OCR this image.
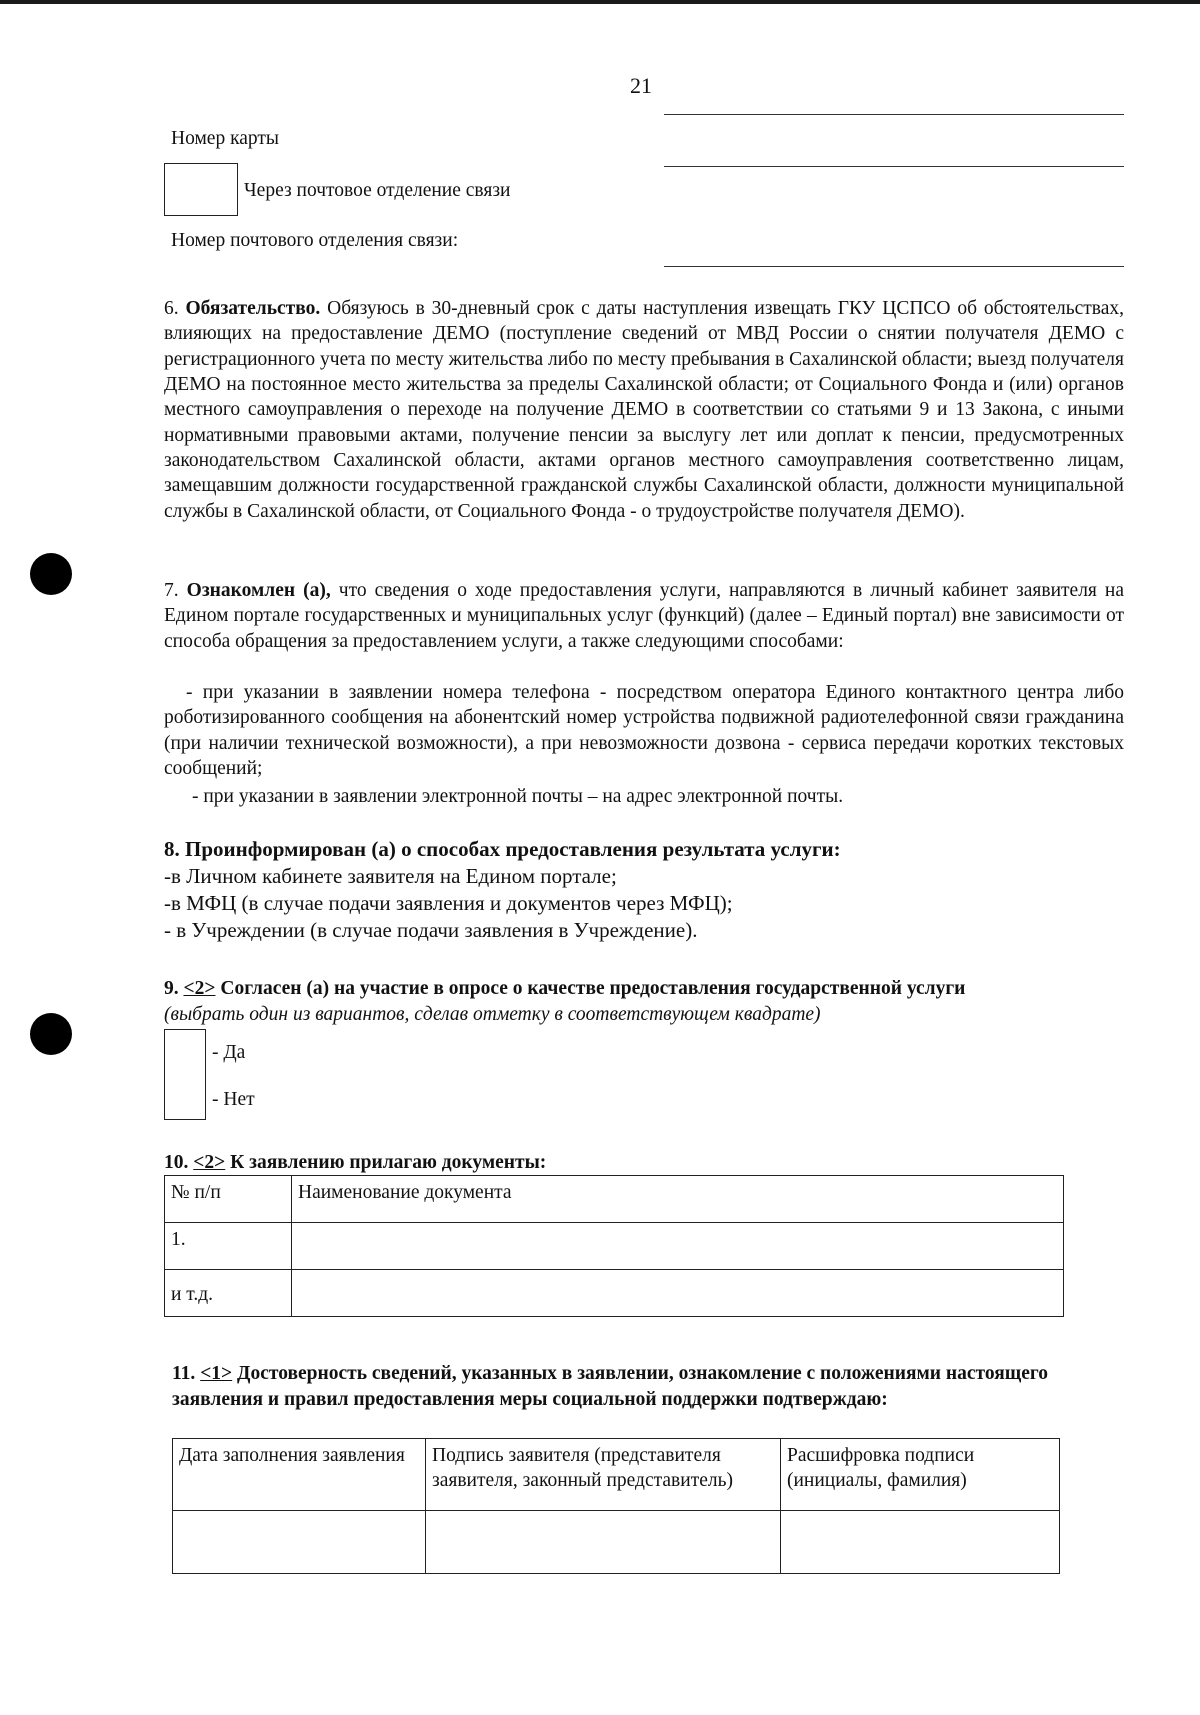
21
Номер карты
Через почтовое отделение связи
Номер почтового отделения связи:

6. Обязательство. Обязуюсь в 30-дневный срок с даты наступления извещать ГКУ ЦСПСО об обстоятельствах, влияющих на предоставление ДЕМО (поступление сведений от МВД России о снятии получателя ДЕМО с регистрационного учета по месту жительства либо по месту пребывания в Сахалинской области; выезд получателя ДЕМО на постоянное место жительства за пределы Сахалинской области; от Социального Фонда и (или) органов местного самоуправления о переходе на получение ДЕМО в соответствии со статьями 9 и 13 Закона, с иными нормативными правовыми актами, получение пенсии за выслугу лет или доплат к пенсии, предусмотренных законодательством Сахалинской области, актами органов местного самоуправления соответственно лицам, замещавшим должности государственной гражданской службы Сахалинской области, должности муниципальной службы в Сахалинской области, от Социального Фонда - о трудоустройстве получателя ДЕМО).

7. Ознакомлен (а), что сведения о ходе предоставления услуги, направляются в личный кабинет заявителя на Едином портале государственных и муниципальных услуг (функций) (далее – Единый портал) вне зависимости от способа обращения за предоставлением услуги, а также следующими способами:

- при указании в заявлении номера телефона - посредством оператора Единого контактного центра либо роботизированного сообщения на абонентский номер устройства подвижной радиотелефонной связи гражданина (при наличии технической возможности), а при невозможности дозвона - сервиса передачи коротких текстовых сообщений;

- при указании в заявлении электронной почты – на адрес электронной почты.

8. Проинформирован (а) о способах предоставления результата услуги:
-в Личном кабинете заявителя на Едином портале;
-в МФЦ (в случае подачи заявления и документов через МФЦ);
- в Учреждении (в случае подачи заявления в Учреждение).
9. <2> Согласен (а) на участие в опросе о качестве предоставления государственной услуги
(выбрать один из вариантов, сделав отметку в соответствующем квадрате)
- Да
- Нет
10. <2> К заявлению прилагаю документы:
№ п/п	Наименование документа
1.	
и т.д.	
11. <1> Достоверность сведений, указанных в заявлении, ознакомление с положениями настоящего заявления и правил предоставления меры социальной поддержки подтверждаю:
Дата заполнения заявления	Подпись заявителя (представителя заявителя, законный представитель)	Расшифровка подписи (инициалы, фамилия)
